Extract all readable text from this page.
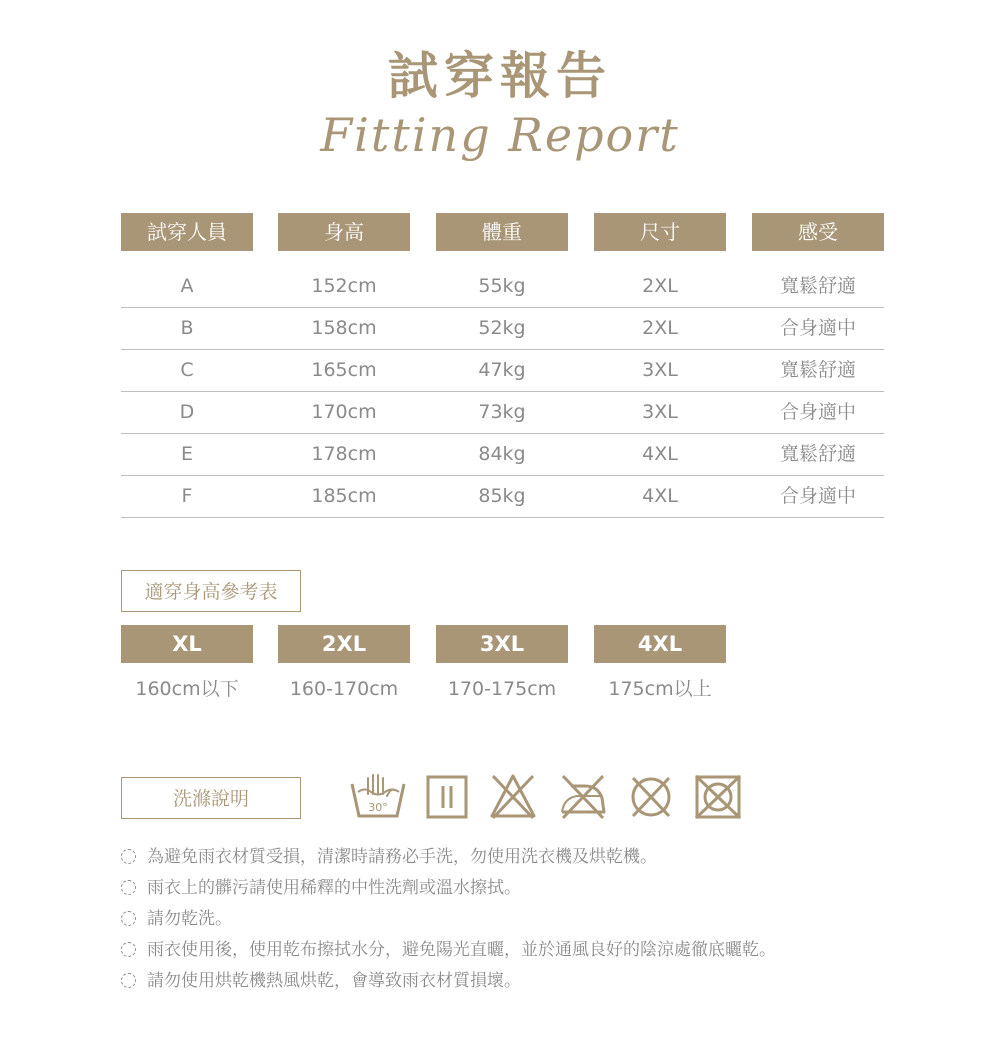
試穿報告
Fitting Report
試穿人員	身高	體重	尺寸	感受
A	152cm	55kg	2XL	寬鬆舒適
B	158cm	52kg	2XL	合身適中
C	165cm	47kg	3XL	寬鬆舒適
D	170cm	73kg	3XL	合身適中
E	178cm	84kg	4XL	寬鬆舒適
F	185cm	85kg	4XL	合身適中
適穿身高參考表
XL	2XL	3XL	4XL
160cm以下	160-170cm	170-175cm	175cm以上
洗滌說明	30°
為避免雨衣材質受損，清潔時請務必手洗，勿使用洗衣機及烘乾機。
雨衣上的髒污請使用稀釋的中性洗劑或溫水擦拭。
請勿乾洗。
雨衣使用後，使用乾布擦拭水分，避免陽光直曬，並於通風良好的陰涼處徹底曬乾。
請勿使用烘乾機熱風烘乾，會導致雨衣材質損壞。
